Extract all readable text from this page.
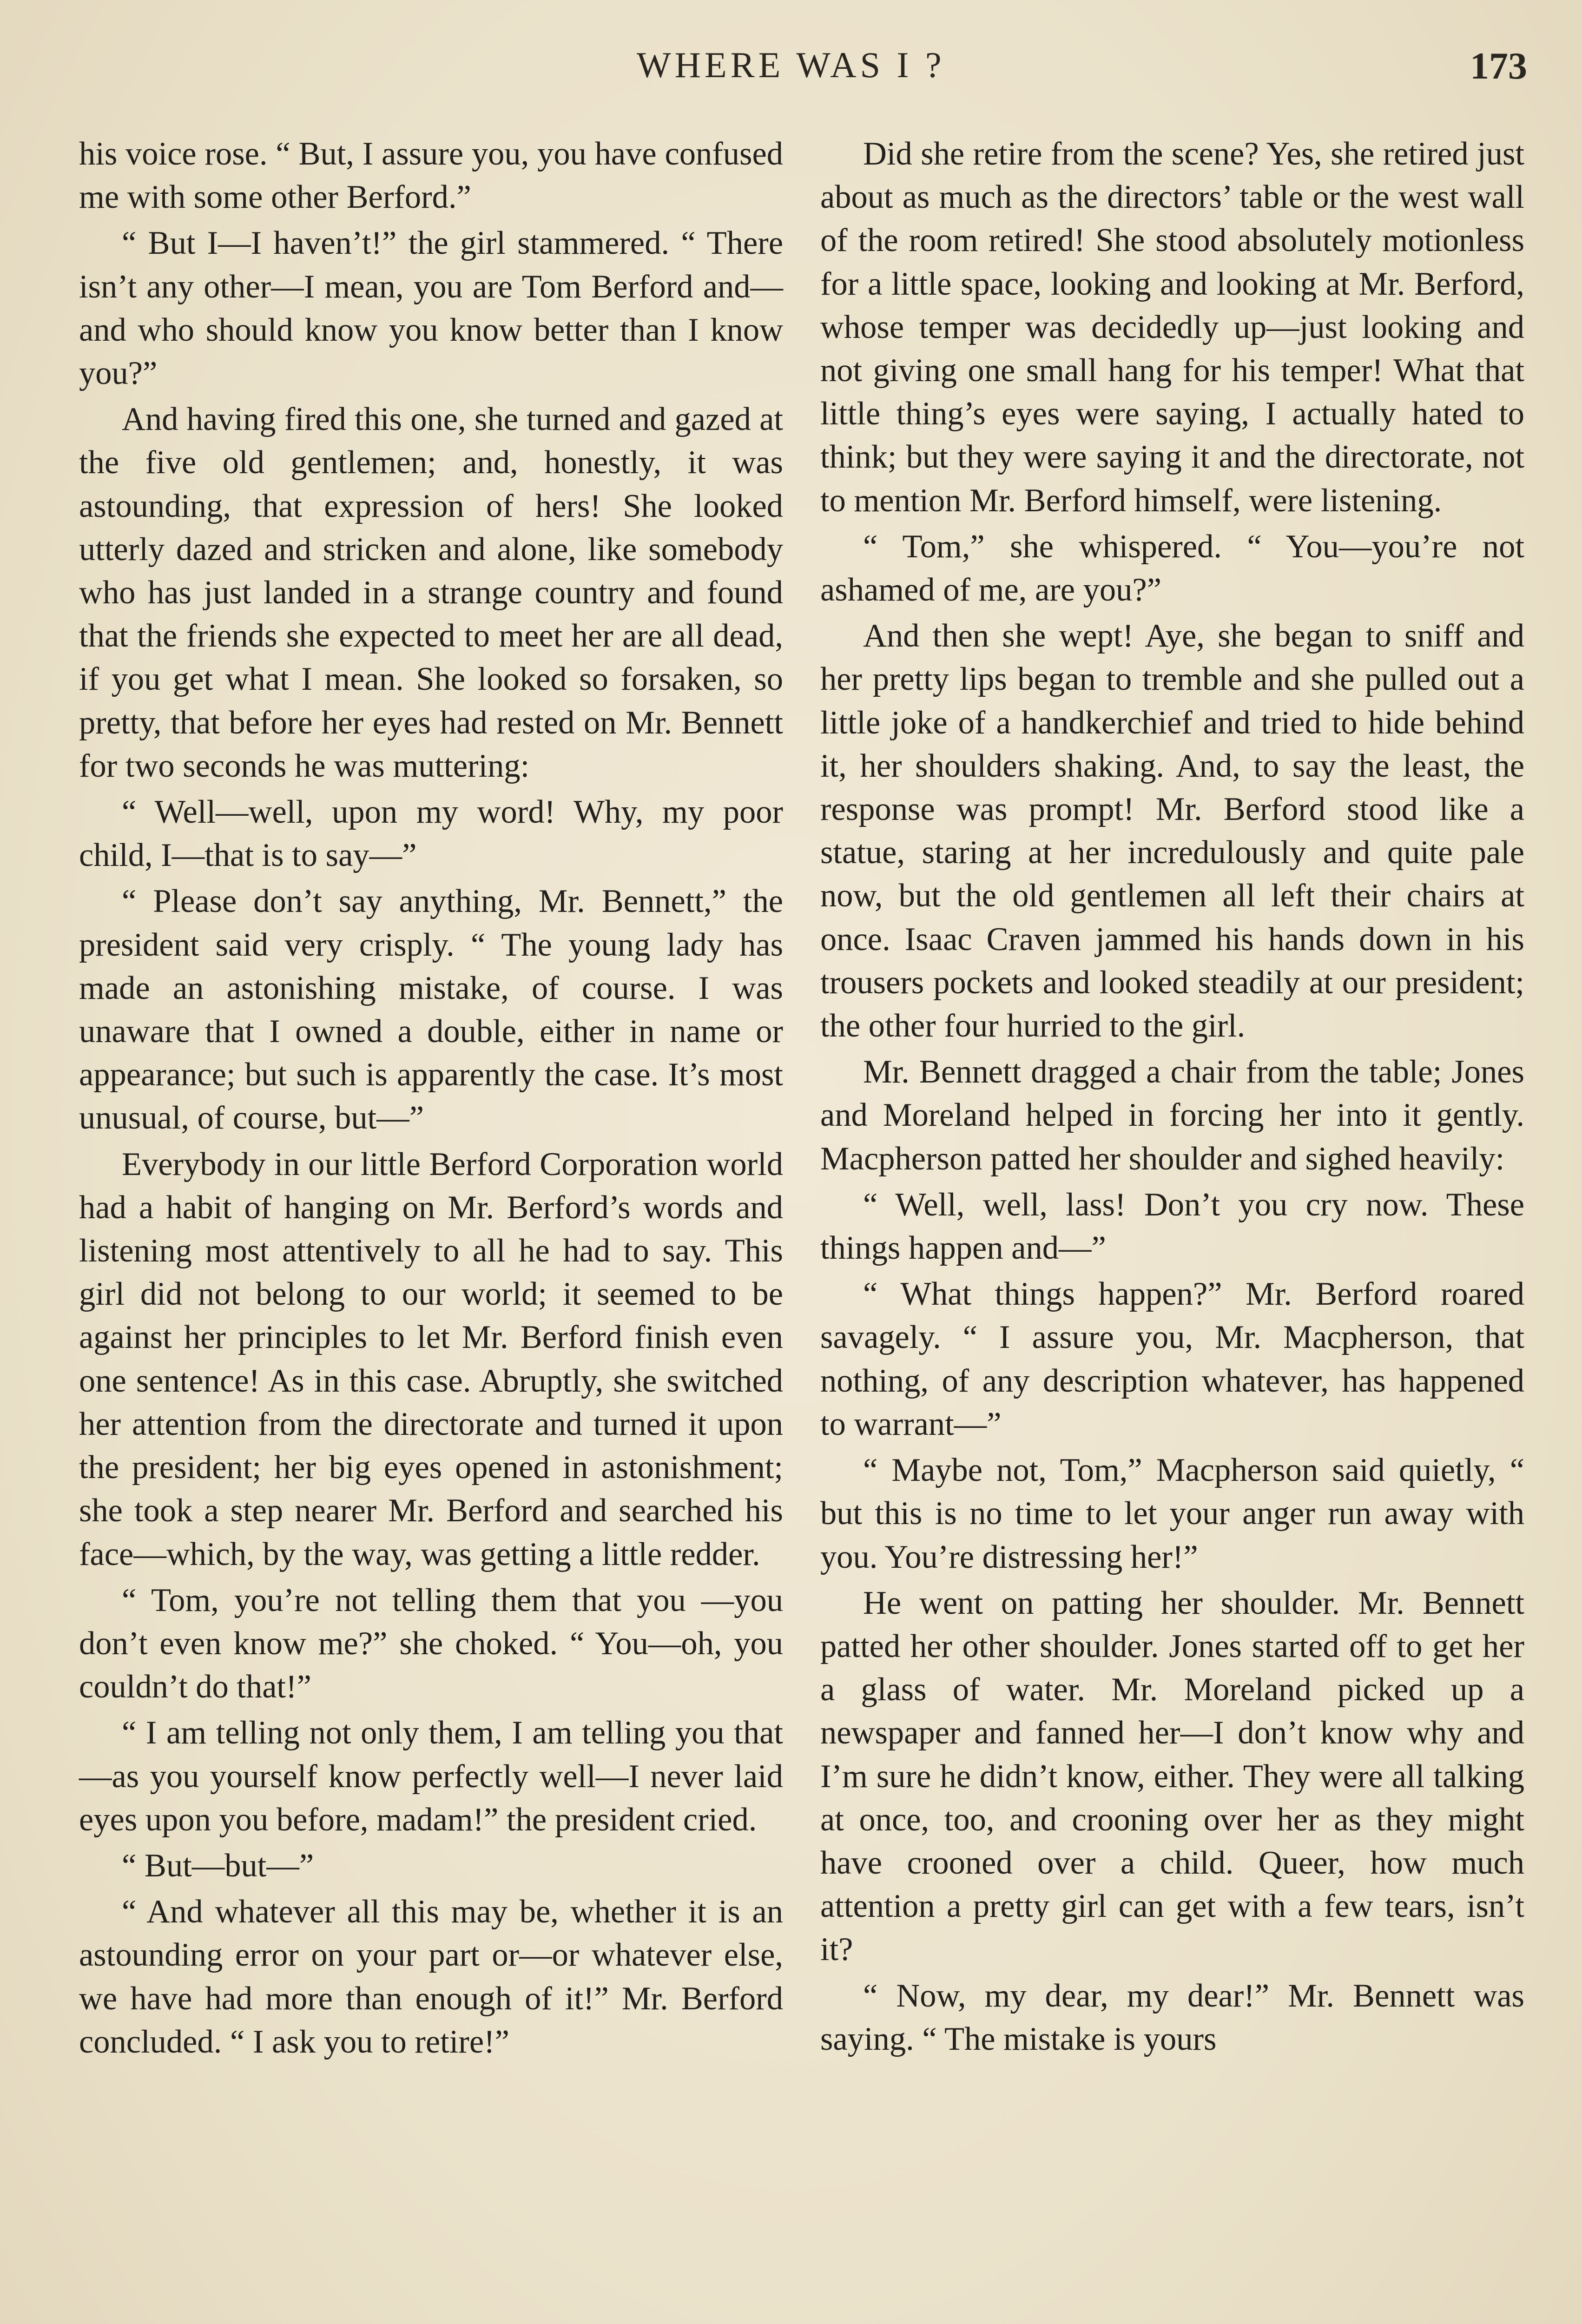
WHERE WAS I ?	173

his voice rose. “ But, I assure you, you have confused me with some other Berford.”

“ But I—I haven’t!” the girl stammered. “ There isn’t any other—I mean, you are Tom Berford and—and who should know you know better than I know you?”

And having fired this one, she turned and gazed at the five old gentlemen; and, honestly, it was astounding, that expression of hers! She looked utterly dazed and stricken and alone, like somebody who has just landed in a strange country and found that the friends she expected to meet her are all dead, if you get what I mean. She looked so forsaken, so pretty, that before her eyes had rested on Mr. Bennett for two seconds he was muttering:

“ Well—well, upon my word! Why, my poor child, I—that is to say—”

“ Please don’t say anything, Mr. Bennett,” the president said very crisply. “ The young lady has made an astonishing mistake, of course. I was unaware that I owned a double, either in name or appearance; but such is apparently the case. It’s most unusual, of course, but—”

Everybody in our little Berford Corporation world had a habit of hanging on Mr. Berford’s words and listening most attentively to all he had to say. This girl did not belong to our world; it seemed to be against her principles to let Mr. Berford finish even one sentence! As in this case. Abruptly, she switched her attention from the directorate and turned it upon the president; her big eyes opened in astonishment; she took a step nearer Mr. Berford and searched his face—which, by the way, was getting a little redder.

“ Tom, you’re not telling them that you —you don’t even know me?” she choked. “ You—oh, you couldn’t do that!”

“ I am telling not only them, I am telling you that—as you yourself know perfectly well—I never laid eyes upon you before, madam!” the president cried.

“ But—but—”

“ And whatever all this may be, whether it is an astounding error on your part or—or whatever else, we have had more than enough of it!” Mr. Berford concluded. “ I ask you to retire!”

Did she retire from the scene? Yes, she retired just about as much as the directors’ table or the west wall of the room retired! She stood absolutely motionless for a little space, looking and looking at Mr. Berford, whose temper was decidedly up—just looking and not giving one small hang for his temper! What that little thing’s eyes were saying, I actually hated to think; but they were saying it and the directorate, not to mention Mr. Berford himself, were listening.

“ Tom,” she whispered. “ You—you’re not ashamed of me, are you?”

And then she wept! Aye, she began to sniff and her pretty lips began to tremble and she pulled out a little joke of a handkerchief and tried to hide behind it, her shoulders shaking. And, to say the least, the response was prompt! Mr. Berford stood like a statue, staring at her incredulously and quite pale now, but the old gentlemen all left their chairs at once. Isaac Craven jammed his hands down in his trousers pockets and looked steadily at our president; the other four hurried to the girl.

Mr. Bennett dragged a chair from the table; Jones and Moreland helped in forcing her into it gently. Macpherson patted her shoulder and sighed heavily:

“ Well, well, lass! Don’t you cry now. These things happen and—”

“ What things happen?” Mr. Berford roared savagely. “ I assure you, Mr. Macpherson, that nothing, of any description whatever, has happened to warrant—”

“ Maybe not, Tom,” Macpherson said quietly, “ but this is no time to let your anger run away with you. You’re distressing her!”

He went on patting her shoulder. Mr. Bennett patted her other shoulder. Jones started off to get her a glass of water. Mr. Moreland picked up a newspaper and fanned her—I don’t know why and I’m sure he didn’t know, either. They were all talking at once, too, and crooning over her as they might have crooned over a child. Queer, how much attention a pretty girl can get with a few tears, isn’t it?

“ Now, my dear, my dear!” Mr. Bennett was saying. “ The mistake is yours
